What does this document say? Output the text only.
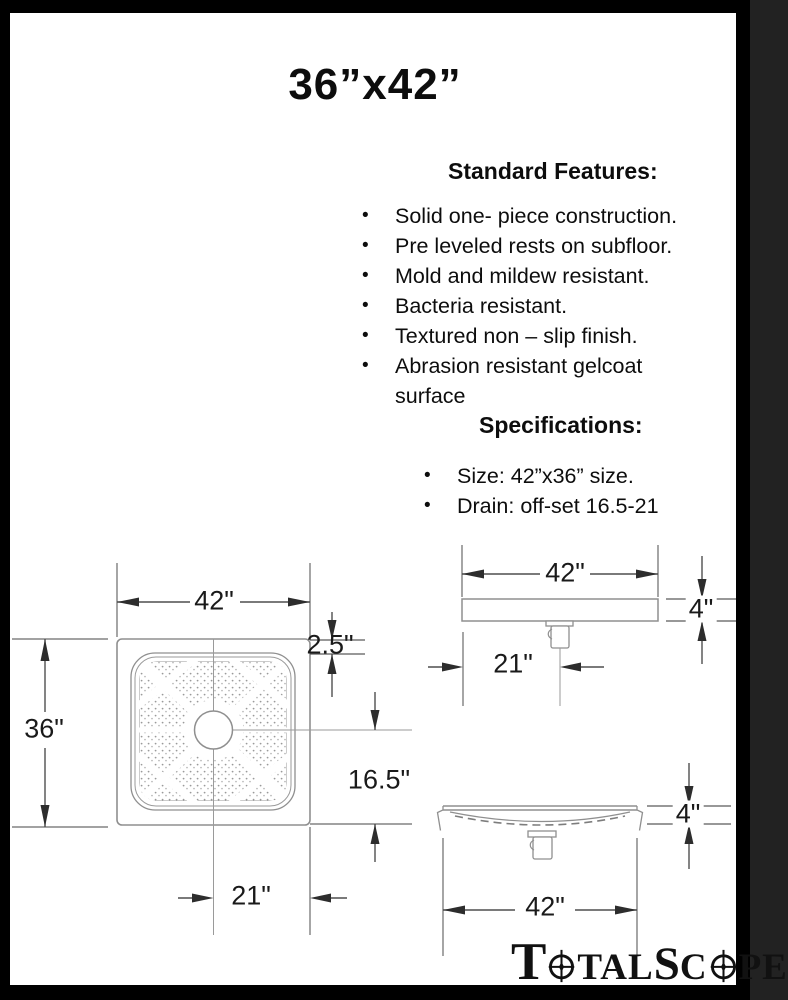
36”x42”
Standard Features:
•	Solid one- piece construction.
•	Pre leveled rests on subfloor.
•	Mold and mildew resistant.
•	Bacteria resistant.
•	Textured non – slip finish.
•	Abrasion resistant gelcoat surface
Specifications:
•	Size: 42”x36” size.
•	Drain: off-set 16.5-21
42"
36"
2.5"
16.5"
21"
42"
4"
21"
4"
42"
T TAL S C PE
